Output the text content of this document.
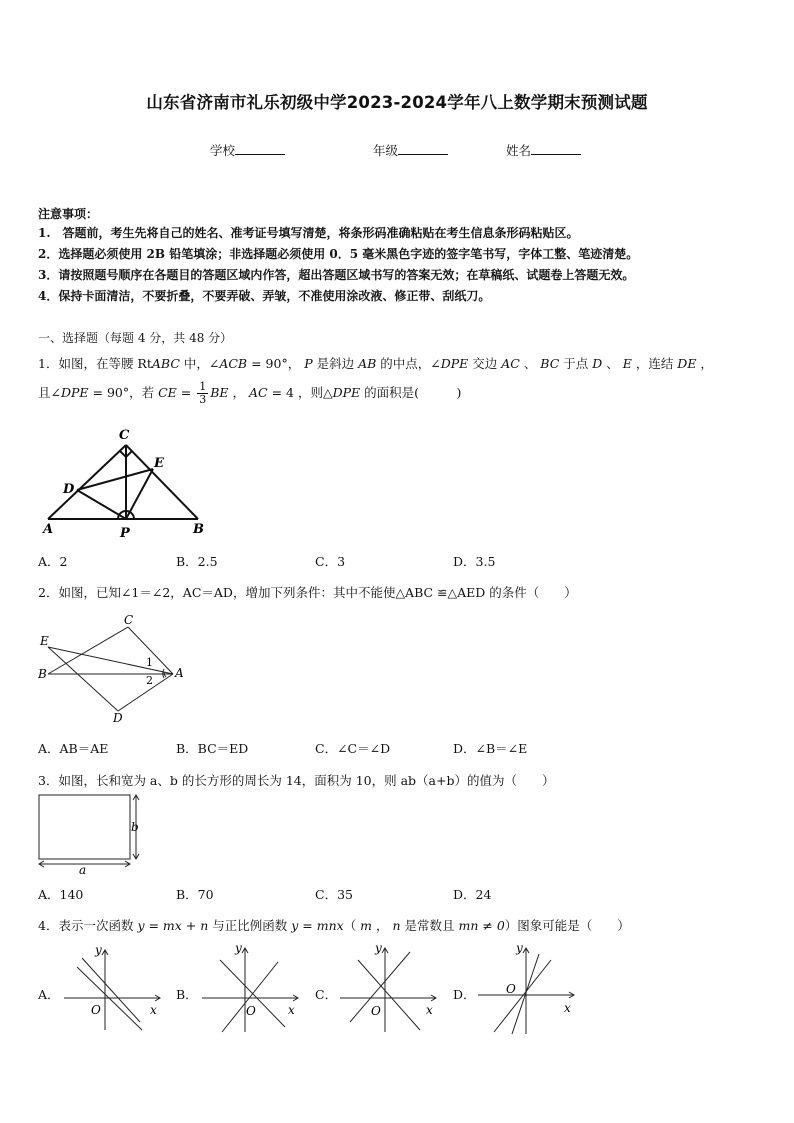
山东省济南市礼乐初级中学2023-2024学年八上数学期末预测试题
学校	年级	姓名
注意事项：
1.　答题前，考生先将自己的姓名、准考证号填写清楚，将条形码准确粘贴在考生信息条形码粘贴区。
2．选择题必须使用 2B 铅笔填涂；非选择题必须使用 0．5 毫米黑色字迹的签字笔书写，字体工整、笔迹清楚。
3．请按照题号顺序在各题目的答题区域内作答，超出答题区域书写的答案无效；在草稿纸、试题卷上答题无效。
4．保持卡面清洁，不要折叠，不要弄破、弄皱，不准使用涂改液、修正带、刮纸刀。
一、选择题（每题 4 分，共 48 分）
1．如图，在等腰 RtABC 中，∠ACB = 90°， P 是斜边 AB 的中点，∠DPE 交边 AC 、 BC 于点 D 、 E ，连结 DE ，
且∠DPE = 90°，若 CE = $\frac{1}{3}$ BE ， AC = 4 ，则△DPE 的面积是(　　　)
C
E
D
A	P	B
A．2	B．2.5	C．3	D．3.5
2．如图，已知∠1＝∠2，AC＝AD，增加下列条件：其中不能使△ABC ≌△AED 的条件（　　）
C
E
B	A
D
1
2
A．AB＝AE	B．BC＝ED	C．∠C＝∠D	D．∠B＝∠E
3．如图，长和宽为 a、b 的长方形的周长为 14，面积为 10，则 ab（a+b）的值为（　　）
b
a
A．140	B．70	C．35	D．24
4．表示一次函数 y = mx + n 与正比例函数 y = mnx（ m ， n 是常数且 mn ≠ 0）图象可能是（　　）
A．
y
x
O
B．
y
x
O
C．
y
x
O
D．
y
x
O
